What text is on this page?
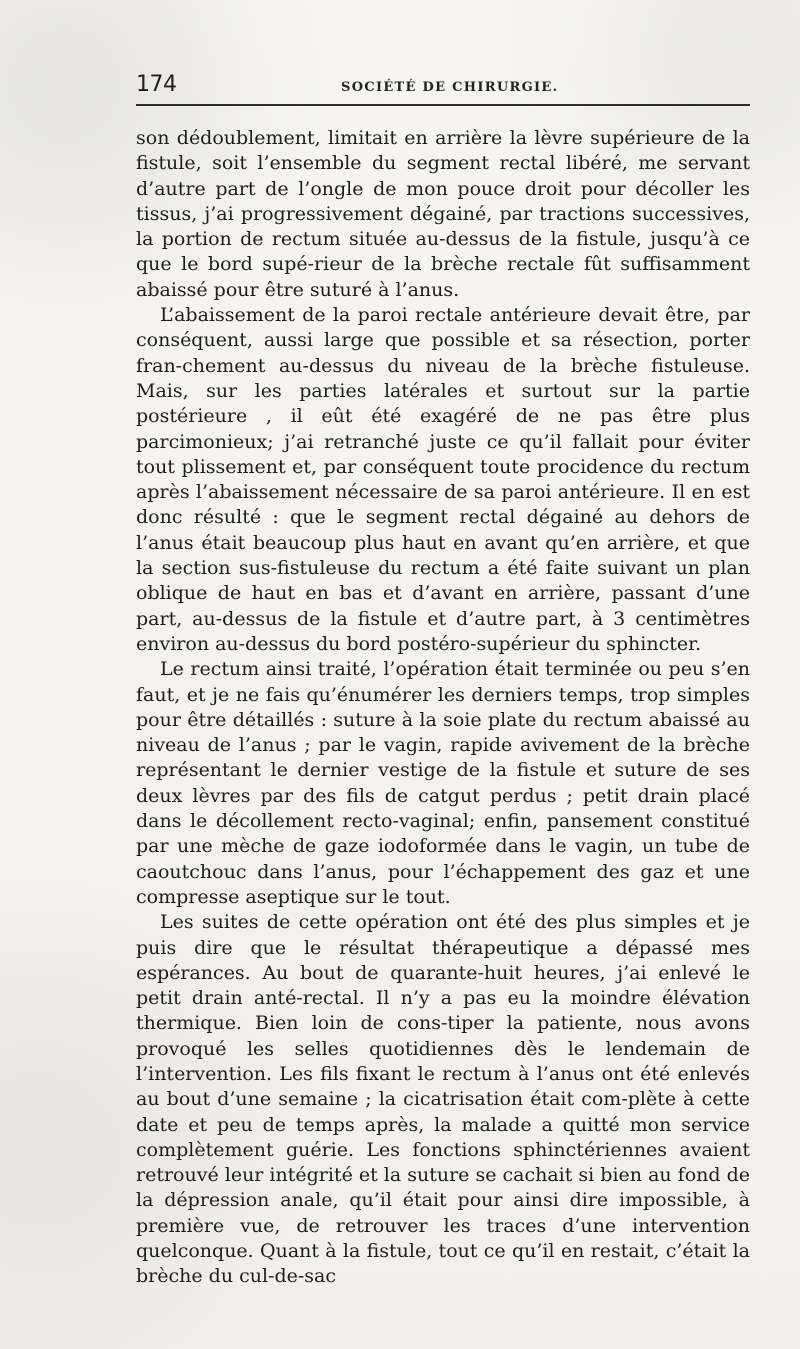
174	SOCIÉTÉ DE CHIRURGIE.

son dédoublement, limitait en arrière la lèvre supérieure de la fistule, soit l’ensemble du segment rectal libéré, me servant d’autre part de l’ongle de mon pouce droit pour décoller les tissus, j’ai progressivement dégainé, par tractions successives, la portion de rectum située au-dessus de la fistule, jusqu’à ce que le bord supé-rieur de la brèche rectale fût suffisamment abaissé pour être suturé à l’anus.

L’abaissement de la paroi rectale antérieure devait être, par conséquent, aussi large que possible et sa résection, porter fran-chement au-dessus du niveau de la brèche fistuleuse. Mais, sur les parties latérales et surtout sur la partie postérieure , il eût été exagéré de ne pas être plus parcimonieux; j’ai retranché juste ce qu’il fallait pour éviter tout plissement et, par conséquent toute procidence du rectum après l’abaissement nécessaire de sa paroi antérieure. Il en est donc résulté : que le segment rectal dégainé au dehors de l’anus était beaucoup plus haut en avant qu’en arrière, et que la section sus-fistuleuse du rectum a été faite suivant un plan oblique de haut en bas et d’avant en arrière, passant d’une part, au-dessus de la fistule et d’autre part, à 3 centimètres environ au-dessus du bord postéro-supérieur du sphincter.

Le rectum ainsi traité, l’opération était terminée ou peu s’en faut, et je ne fais qu’énumérer les derniers temps, trop simples pour être détaillés : suture à la soie plate du rectum abaissé au niveau de l’anus ; par le vagin, rapide avivement de la brèche représentant le dernier vestige de la fistule et suture de ses deux lèvres par des fils de catgut perdus ; petit drain placé dans le décollement recto-vaginal; enfin, pansement constitué par une mèche de gaze iodoformée dans le vagin, un tube de caoutchouc dans l’anus, pour l’échappement des gaz et une compresse aseptique sur le tout.

Les suites de cette opération ont été des plus simples et je puis dire que le résultat thérapeutique a dépassé mes espérances. Au bout de quarante-huit heures, j’ai enlevé le petit drain anté-rectal. Il n’y a pas eu la moindre élévation thermique. Bien loin de cons-tiper la patiente, nous avons provoqué les selles quotidiennes dès le lendemain de l’intervention. Les fils fixant le rectum à l’anus ont été enlevés au bout d’une semaine ; la cicatrisation était com-plète à cette date et peu de temps après, la malade a quitté mon service complètement guérie. Les fonctions sphinctériennes avaient retrouvé leur intégrité et la suture se cachait si bien au fond de la dépression anale, qu’il était pour ainsi dire impossible, à première vue, de retrouver les traces d’une intervention quelconque. Quant à la fistule, tout ce qu’il en restait, c’était la brèche du cul-de-sac
